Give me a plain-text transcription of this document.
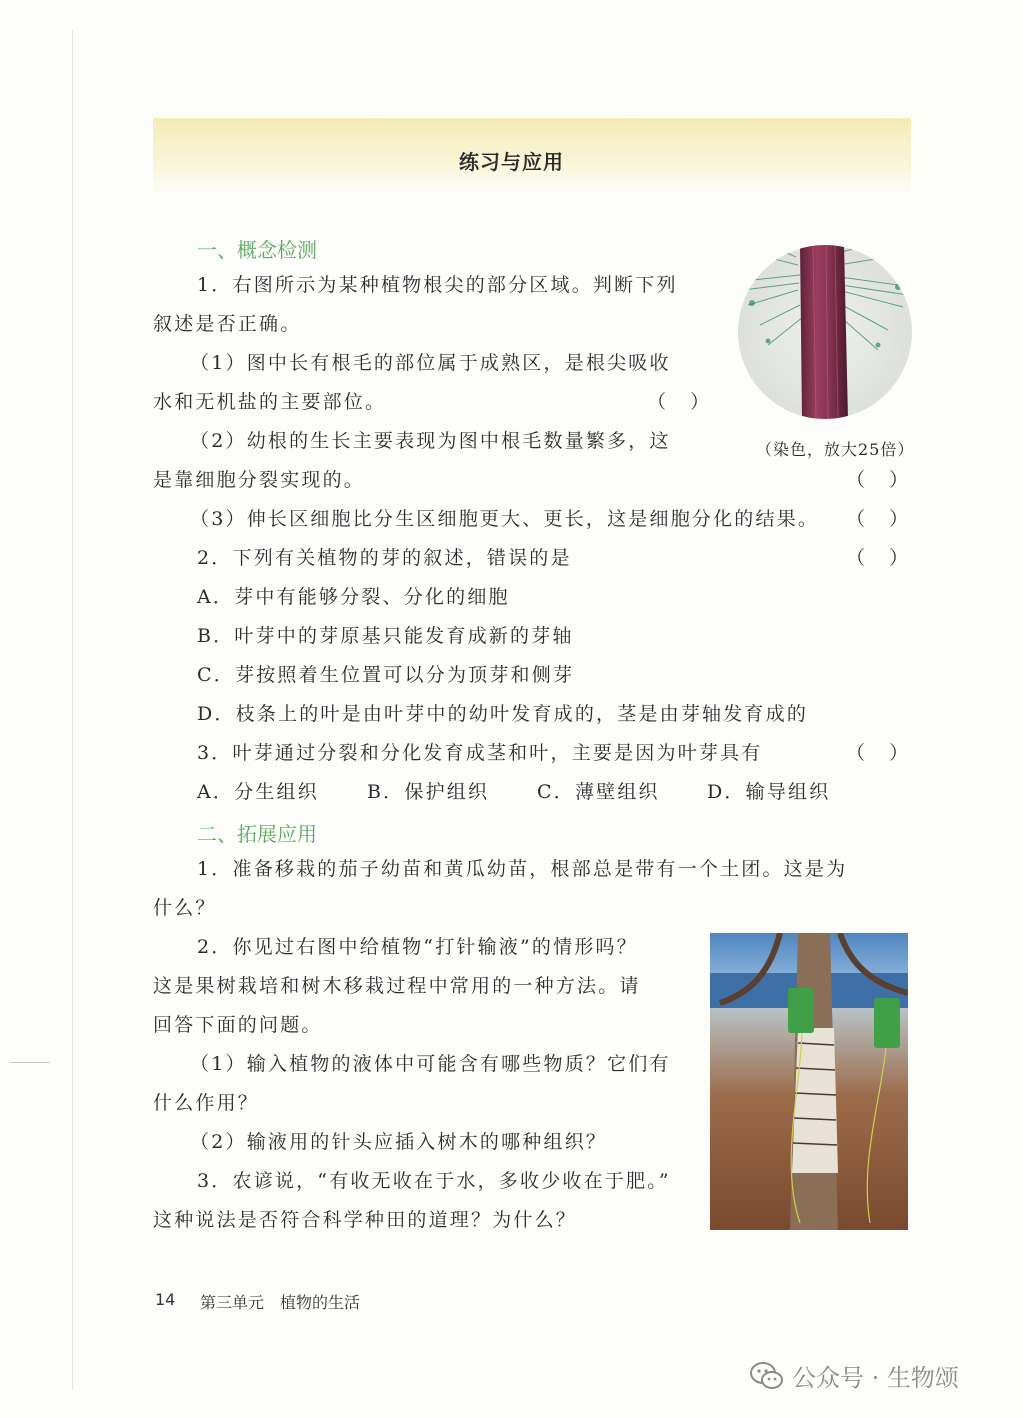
练习与应用
一、概念检测
1．右图所示为某种植物根尖的部分区域。判断下列
叙述是否正确。
（1）图中长有根毛的部位属于成熟区，是根尖吸收
水和无机盐的主要部位。	（    ）
（2）幼根的生长主要表现为图中根毛数量繁多，这
是靠细胞分裂实现的。	（    ）
（3）伸长区细胞比分生区细胞更大、更长，这是细胞分化的结果。 （    ）
2．下列有关植物的芽的叙述，错误的是	（    ）
A．芽中有能够分裂、分化的细胞
B．叶芽中的芽原基只能发育成新的芽轴
C．芽按照着生位置可以分为顶芽和侧芽
D．枝条上的叶是由叶芽中的幼叶发育成的，茎是由芽轴发育成的
3．叶芽通过分裂和分化发育成茎和叶，主要是因为叶芽具有	（    ）
A．分生组织	B．保护组织	C．薄壁组织 D．输导组织
（染色，放大25倍）
二、拓展应用
1．准备移栽的茄子幼苗和黄瓜幼苗，根部总是带有一个土团。这是为
什么？
2．你见过右图中给植物“打针输液”的情形吗？
这是果树栽培和树木移栽过程中常用的一种方法。请
回答下面的问题。
（1）输入植物的液体中可能含有哪些物质？它们有
什么作用？
（2）输液用的针头应插入树木的哪种组织？
3．农谚说，“有收无收在于水，多收少收在于肥。”
这种说法是否符合科学种田的道理？为什么？
14 第三单元　植物的生活
公众号 · 生物颂
